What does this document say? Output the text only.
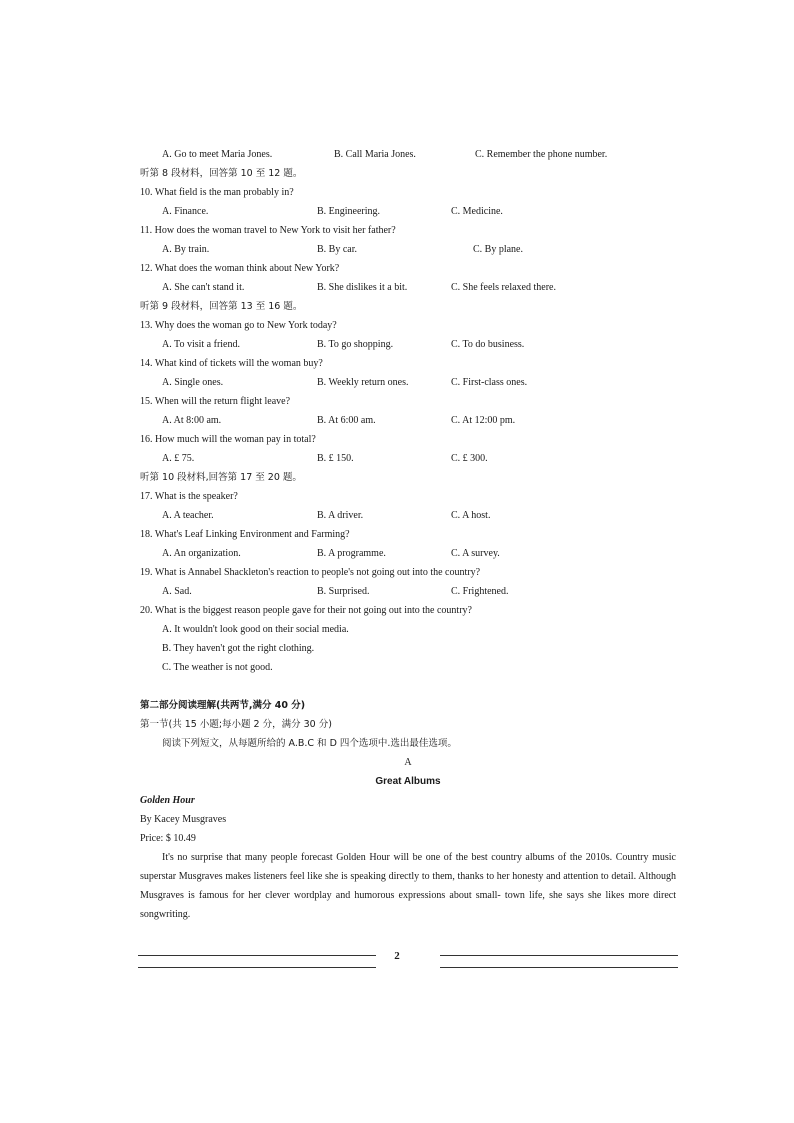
A. Go to meet Maria Jones.	B. Call Maria Jones.	C. Remember the phone number.
听第 8 段材料，回答第 10 至 12 题。
10. What field is the man probably in?
A. Finance.	B. Engineering.	C. Medicine.
11. How does the woman travel to New York to visit her father?
A. By train.	B. By car.	C. By plane.
12. What does the woman think about New York?
A. She can't stand it.	B. She dislikes it a bit.	C. She feels relaxed there.
听第 9 段材料，回答第 13 至 16 题。
13. Why does the woman go to New York today?
A. To visit a friend.	B. To go shopping.	C. To do business.
14. What kind of tickets will the woman buy?
A. Single ones.	B. Weekly return ones.	C. First-class ones.
15. When will the return flight leave?
A. At 8:00 am.	B. At 6:00 am.	C. At 12:00 pm.
16. How much will the woman pay in total?
A. £ 75.	B. £ 150.	C. £ 300.
听第 10 段材料,回答第 17 至 20 题。
17. What is the speaker?
A. A teacher.	B. A driver.	C. A host.
18. What's Leaf Linking Environment and Farming?
A. An organization.	B. A programme.	C. A survey.
19. What is Annabel Shackleton's reaction to people's not going out into the country?
A. Sad.	B. Surprised.	C. Frightened.
20. What is the biggest reason people gave for their not going out into the country?
A. It wouldn't look good on their social media.
B. They haven't got the right clothing.
C. The weather is not good.
第二部分阅读理解(共两节,满分 40 分)
第一节(共 15 小题;每小题 2 分，满分 30 分)
阅读下列短文，从每题所给的 A.B.C 和 D 四个选项中.选出最佳选项。
A
Great Albums
Golden Hour
By Kacey Musgraves
Price: $ 10.49
It's no surprise that many people forecast Golden Hour will be one of the best country albums of the 2010s. Country music superstar Musgraves makes listeners feel like she is speaking directly to them, thanks to her honesty and attention to detail. Although Musgraves is famous for her clever wordplay and humorous expressions about small- town life, she says she likes more direct songwriting.
2
